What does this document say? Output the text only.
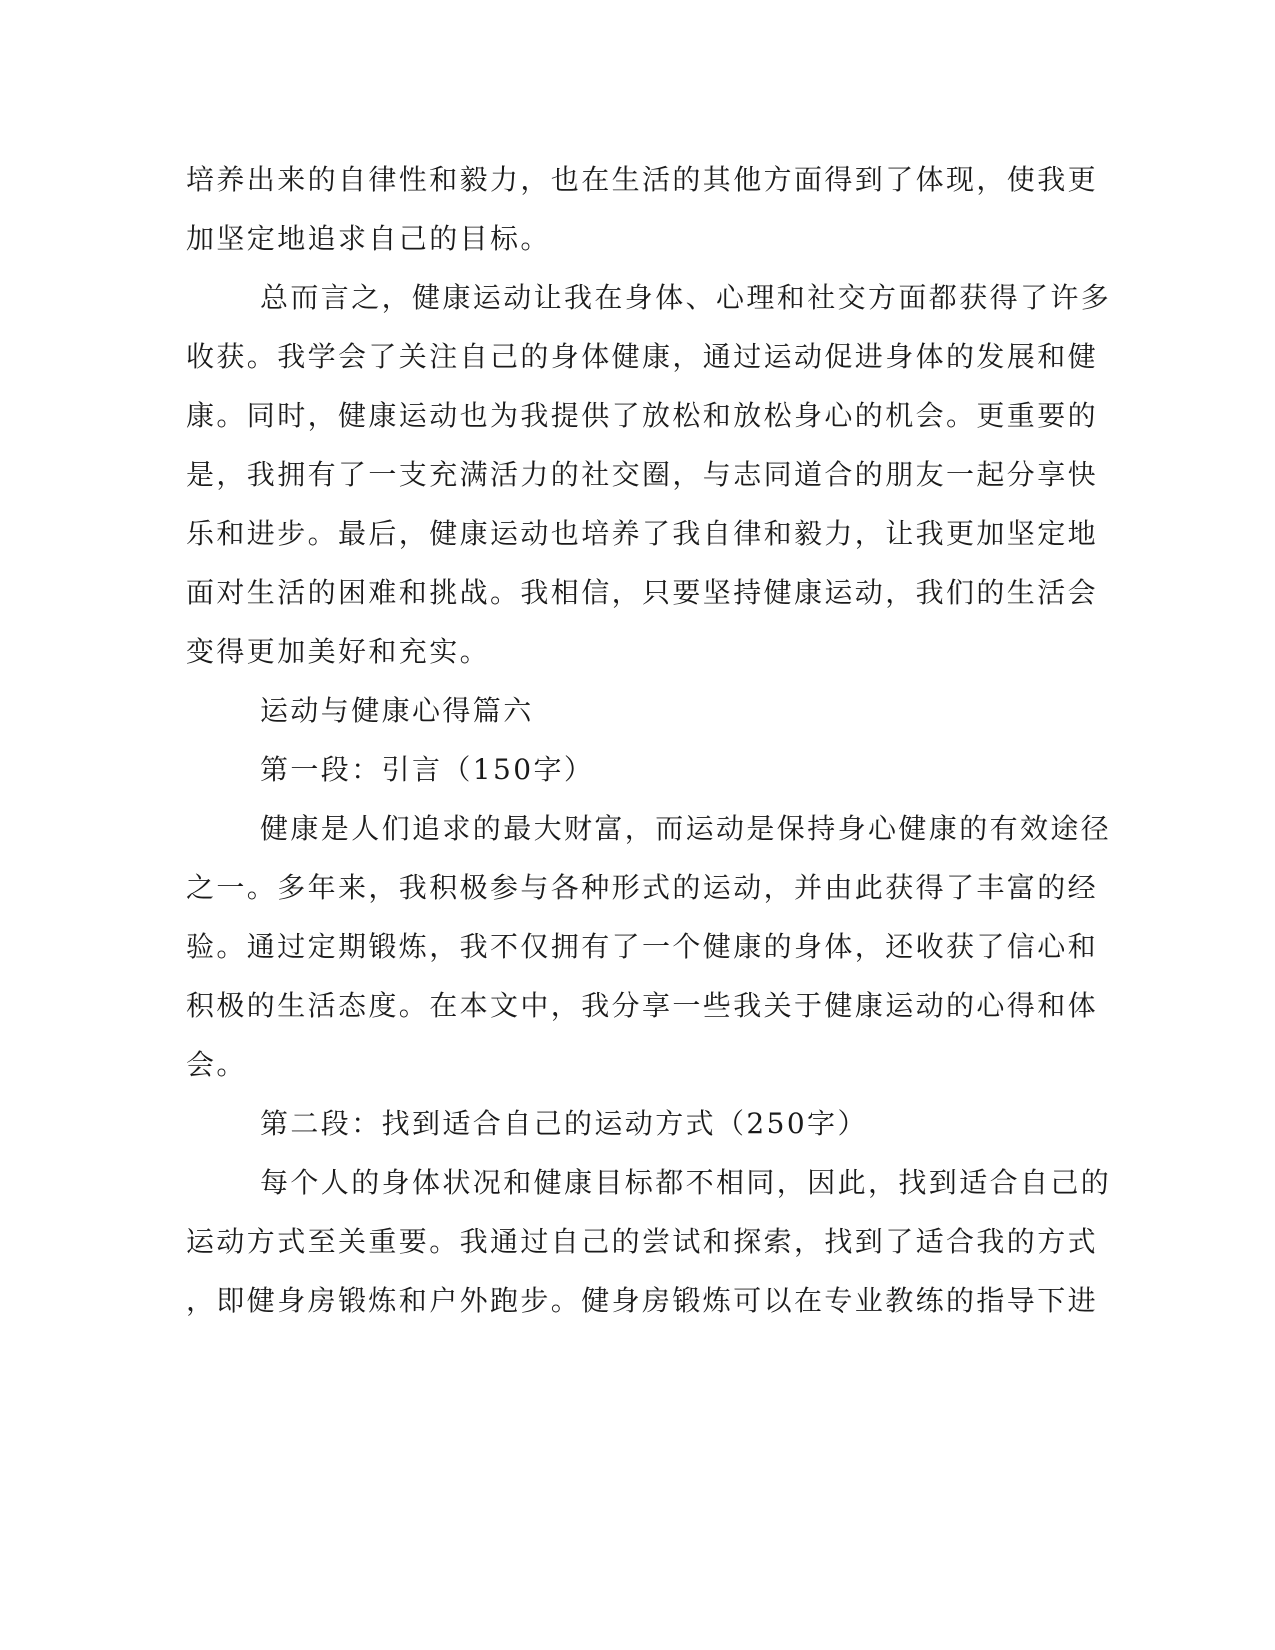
培养出来的自律性和毅力，也在生活的其他方面得到了体现，使我更
加坚定地追求自己的目标。
总而言之，健康运动让我在身体、心理和社交方面都获得了许多
收获。我学会了关注自己的身体健康，通过运动促进身体的发展和健
康。同时，健康运动也为我提供了放松和放松身心的机会。更重要的
是，我拥有了一支充满活力的社交圈，与志同道合的朋友一起分享快
乐和进步。最后，健康运动也培养了我自律和毅力，让我更加坚定地
面对生活的困难和挑战。我相信，只要坚持健康运动，我们的生活会
变得更加美好和充实。
运动与健康心得篇六
第一段：引言（150字）
健康是人们追求的最大财富，而运动是保持身心健康的有效途径
之一。多年来，我积极参与各种形式的运动，并由此获得了丰富的经
验。通过定期锻炼，我不仅拥有了一个健康的身体，还收获了信心和
积极的生活态度。在本文中，我分享一些我关于健康运动的心得和体
会。
第二段：找到适合自己的运动方式（250字）
每个人的身体状况和健康目标都不相同，因此，找到适合自己的
运动方式至关重要。我通过自己的尝试和探索，找到了适合我的方式
，即健身房锻炼和户外跑步。健身房锻炼可以在专业教练的指导下进
